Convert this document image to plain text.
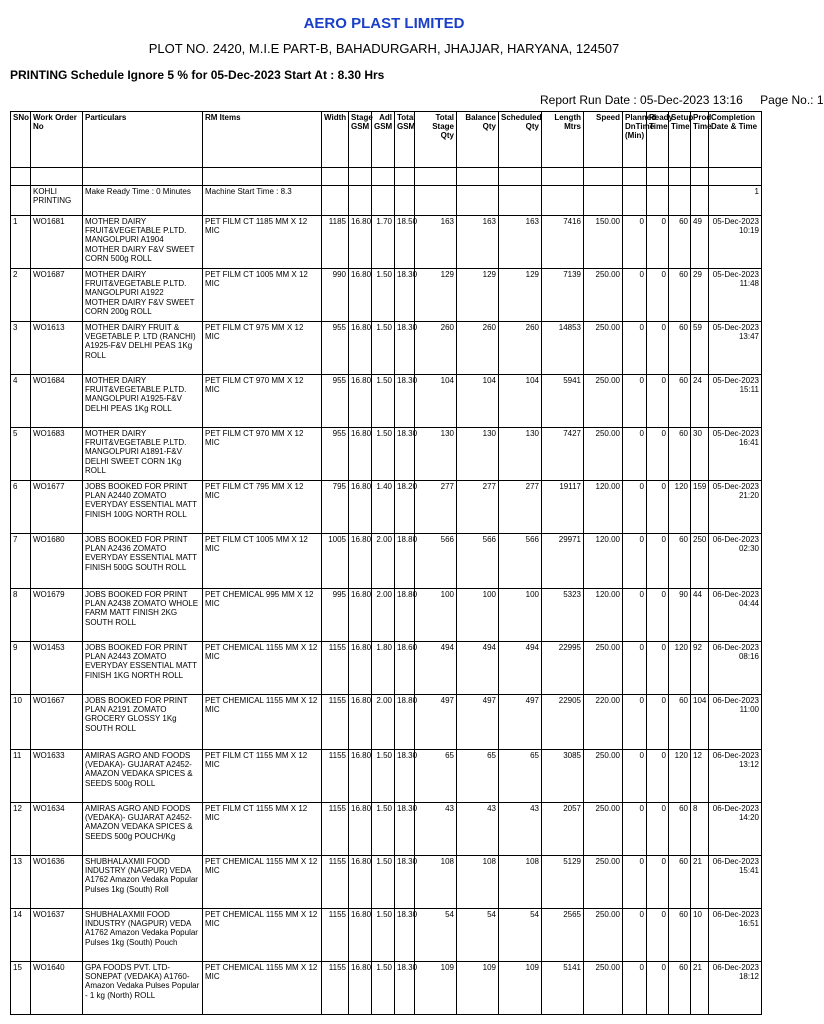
AERO PLAST LIMITED
PLOT NO. 2420, M.I.E PART-B, BAHADURGARH, JHAJJAR, HARYANA, 124507
PRINTING Schedule Ignore 5 % for 05-Dec-2023 Start At : 8.30 Hrs
Report Run Date : 05-Dec-2023 13:16 Page No.: 1
SNo	Work Order No	Particulars	RM Items	Width	Stage GSM	Adl GSM	Total GSM	Total Stage Qty	Balance Qty	Scheduled Qty	Length Mtrs	Speed	Planned DnTime (Min)	Ready Time	Setup Time	Prod Time	Completion Date & Time

	KOHLI PRINTING	Make Ready Time : 0 Minutes	Machine Start Time : 8.3														1
1	WO1681	MOTHER DAIRY FRUIT&VEGETABLE P.LTD. MANGOLPURI A1904 MOTHER DAIRY F&V SWEET CORN 500g ROLL	PET FILM CT 1185 MM X 12 MIC	1185	16.80	1.70	18.50	163	163	163	7416	150.00	0	0	60	49	05-Dec-2023 10:19
2	WO1687	MOTHER DAIRY FRUIT&VEGETABLE P.LTD. MANGOLPURI A1922 MOTHER DAIRY F&V SWEET CORN 200g ROLL	PET FILM CT 1005 MM X 12 MIC	990	16.80	1.50	18.30	129	129	129	7139	250.00	0	0	60	29	05-Dec-2023 11:48
3	WO1613	MOTHER DAIRY FRUIT & VEGETABLE P. LTD (RANCHI) A1925-F&V DELHI PEAS 1Kg ROLL	PET FILM CT 975 MM X 12 MIC	955	16.80	1.50	18.30	260	260	260	14853	250.00	0	0	60	59	05-Dec-2023 13:47
4	WO1684	MOTHER DAIRY FRUIT&VEGETABLE P.LTD. MANGOLPURI A1925-F&V DELHI PEAS 1Kg ROLL	PET FILM CT 970 MM X 12 MIC	955	16.80	1.50	18.30	104	104	104	5941	250.00	0	0	60	24	05-Dec-2023 15:11
5	WO1683	MOTHER DAIRY FRUIT&VEGETABLE P.LTD. MANGOLPURI A1891-F&V DELHI SWEET CORN 1Kg ROLL	PET FILM CT 970 MM X 12 MIC	955	16.80	1.50	18.30	130	130	130	7427	250.00	0	0	60	30	05-Dec-2023 16:41
6	WO1677	JOBS BOOKED FOR PRINT PLAN A2440 ZOMATO EVERYDAY ESSENTIAL MATT FINISH 100G NORTH ROLL	PET FILM CT 795 MM X 12 MIC	795	16.80	1.40	18.20	277	277	277	19117	120.00	0	0	120	159	05-Dec-2023 21:20
7	WO1680	JOBS BOOKED FOR PRINT PLAN A2436 ZOMATO EVERYDAY ESSENTIAL MATT FINISH 500G SOUTH ROLL	PET FILM CT 1005 MM X 12 MIC	1005	16.80	2.00	18.80	566	566	566	29971	120.00	0	0	60	250	06-Dec-2023 02:30
8	WO1679	JOBS BOOKED FOR PRINT PLAN A2438 ZOMATO WHOLE FARM MATT FINISH 2KG SOUTH ROLL	PET CHEMICAL 995 MM X 12 MIC	995	16.80	2.00	18.80	100	100	100	5323	120.00	0	0	90	44	06-Dec-2023 04:44
9	WO1453	JOBS BOOKED FOR PRINT PLAN A2443 ZOMATO EVERYDAY ESSENTIAL MATT FINISH 1KG NORTH ROLL	PET CHEMICAL 1155 MM X 12 MIC	1155	16.80	1.80	18.60	494	494	494	22995	250.00	0	0	120	92	06-Dec-2023 08:16
10	WO1667	JOBS BOOKED FOR PRINT PLAN A2191 ZOMATO GROCERY GLOSSY 1Kg SOUTH ROLL	PET CHEMICAL 1155 MM X 12 MIC	1155	16.80	2.00	18.80	497	497	497	22905	220.00	0	0	60	104	06-Dec-2023 11:00
11	WO1633	AMIRAS AGRO AND FOODS (VEDAKA)- GUJARAT A2452-AMAZON VEDAKA SPICES & SEEDS 500g ROLL	PET FILM CT 1155 MM X 12 MIC	1155	16.80	1.50	18.30	65	65	65	3085	250.00	0	0	120	12	06-Dec-2023 13:12
12	WO1634	AMIRAS AGRO AND FOODS (VEDAKA)- GUJARAT A2452-AMAZON VEDAKA SPICES & SEEDS 500g POUCH/Kg	PET FILM CT 1155 MM X 12 MIC	1155	16.80	1.50	18.30	43	43	43	2057	250.00	0	0	60	8	06-Dec-2023 14:20
13	WO1636	SHUBHALAXMII FOOD INDUSTRY (NAGPUR) VEDA A1762 Amazon Vedaka Popular Pulses 1kg (South) Roll	PET CHEMICAL 1155 MM X 12 MIC	1155	16.80	1.50	18.30	108	108	108	5129	250.00	0	0	60	21	06-Dec-2023 15:41
14	WO1637	SHUBHALAXMII FOOD INDUSTRY (NAGPUR) VEDA A1762 Amazon Vedaka Popular Pulses 1kg (South) Pouch	PET CHEMICAL 1155 MM X 12 MIC	1155	16.80	1.50	18.30	54	54	54	2565	250.00	0	0	60	10	06-Dec-2023 16:51
15	WO1640	GPA FOODS PVT. LTD- SONEPAT (VEDAKA) A1760-Amazon Vedaka Pulses Popular - 1 kg (North) ROLL	PET CHEMICAL 1155 MM X 12 MIC	1155	16.80	1.50	18.30	109	109	109	5141	250.00	0	0	60	21	06-Dec-2023 18:12
